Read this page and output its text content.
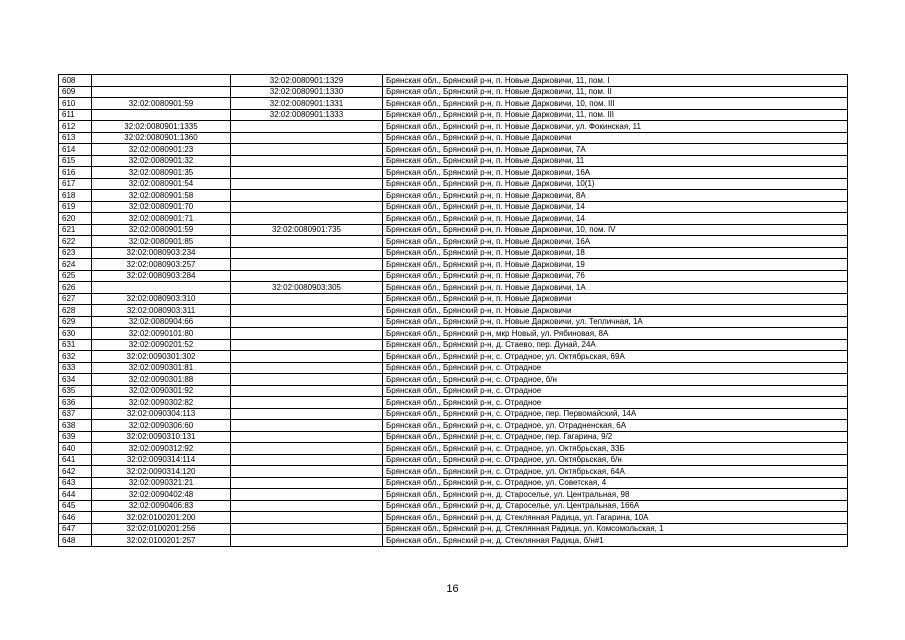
608		32:02:0080901:1329	Брянская обл., Брянский р-н, п. Новые Дарковичи, 11, пом. I
609		32:02:0080901:1330	Брянская обл., Брянский р-н, п. Новые Дарковичи, 11, пом. II
610	32:02:0080901:59	32:02:0080901:1331	Брянская обл., Брянский р-н, п. Новые Дарковичи, 10, пом. III
611		32:02:0080901:1333	Брянская обл., Брянский р-н, п. Новые Дарковичи, 11, пом. III
612	32:02:0080901:1335		Брянская обл., Брянский р-н, п. Новые Дарковичи, ул. Фокинская, 11
613	32:02:0080901:1360		Брянская обл., Брянский р-н, п. Новые Дарковичи
614	32:02:0080901:23		Брянская обл., Брянский р-н, п. Новые Дарковичи, 7А
615	32:02:0080901:32		Брянская обл., Брянский р-н, п. Новые Дарковичи, 11
616	32:02:0080901:35		Брянская обл., Брянский р-н, п. Новые Дарковичи, 16А
617	32:02:0080901:54		Брянская обл., Брянский р-н, п. Новые Дарковичи, 10(1)
618	32:02:0080901:58		Брянская обл., Брянский р-н, п. Новые Дарковичи, 8А
619	32:02:0080901:70		Брянская обл., Брянский р-н, п. Новые Дарковичи, 14
620	32:02:0080901:71		Брянская обл., Брянский р-н, п. Новые Дарковичи, 14
621	32:02:0080901:59	32:02:0080901:735	Брянская обл., Брянский р-н, п. Новые Дарковичи, 10, пом. IV
622	32:02:0080901:85		Брянская обл., Брянский р-н, п. Новые Дарковичи, 16А
623	32:02:0080903:234		Брянская обл., Брянский р-н, п. Новые Дарковичи, 18
624	32:02:0080903:257		Брянская обл., Брянский р-н, п. Новые Дарковичи, 19
625	32:02:0080903:284		Брянская обл., Брянский р-н, п. Новые Дарковичи, 76
626		32:02:0080903:305	Брянская обл., Брянский р-н, п. Новые Дарковичи, 1А
627	32:02:0080903:310		Брянская обл., Брянский р-н, п. Новые Дарковичи
628	32:02:0080903:311		Брянская обл., Брянский р-н, п. Новые Дарковичи
629	32:02:0080904:66		Брянская обл., Брянский р-н, п. Новые Дарковичи, ул. Тепличная, 1А
630	32:02:0090101:80		Брянская обл., Брянский р-н, мкр Новый, ул. Рябиновая, 8А
631	32:02:0090201:52		Брянская обл., Брянский р-н, д. Стаево, пер. Дунай, 24А
632	32:02:0090301:302		Брянская обл., Брянский р-н, с. Отрадное, ул. Октябрьская, 69А
633	32:02:0090301:81		Брянская обл., Брянский р-н, с. Отрадное
634	32:02:0090301:88		Брянская обл., Брянский р-н, с. Отрадное, б/н
635	32:02:0090301:92		Брянская обл., Брянский р-н, с. Отрадное
636	32:02:0090302:82		Брянская обл., Брянский р-н, с. Отрадное
637	32:02:0090304:113		Брянская обл., Брянский р-н, с. Отрадное, пер. Первомайский, 14А
638	32:02:0090306:60		Брянская обл., Брянский р-н, с. Отрадное, ул. Отрадненская, 6А
639	32:02:0090310:131		Брянская обл., Брянский р-н, с. Отрадное, пер. Гагарина, 9/2
640	32:02:0090312:92		Брянская обл., Брянский р-н, с. Отрадное, ул. Октябрьская, 33Б
641	32:02:0090314:114		Брянская обл., Брянский р-н, с. Отрадное, ул. Октябрьская, б/н
642	32:02:0090314:120		Брянская обл., Брянский р-н, с. Отрадное, ул. Октябрьская, 64А
643	32:02:0090321:21		Брянская обл., Брянский р-н, с. Отрадное, ул. Советская, 4
644	32:02:0090402:48		Брянская обл., Брянский р-н, д. Староселье, ул. Центральная, 98
645	32:02:0090406:83		Брянская обл., Брянский р-н, д. Староселье, ул. Центральная, 166А
646	32:02:0100201:200		Брянская обл., Брянский р-н, д. Стеклянная Радица, ул. Гагарина, 10А
647	32:02:0100201:256		Брянская обл., Брянский р-н, д. Стеклянная Радица, ул. Комсомольская, 1
648	32:02:0100201:257		Брянская обл., Брянский р-н, д. Стеклянная Радица, б/н#1
16
